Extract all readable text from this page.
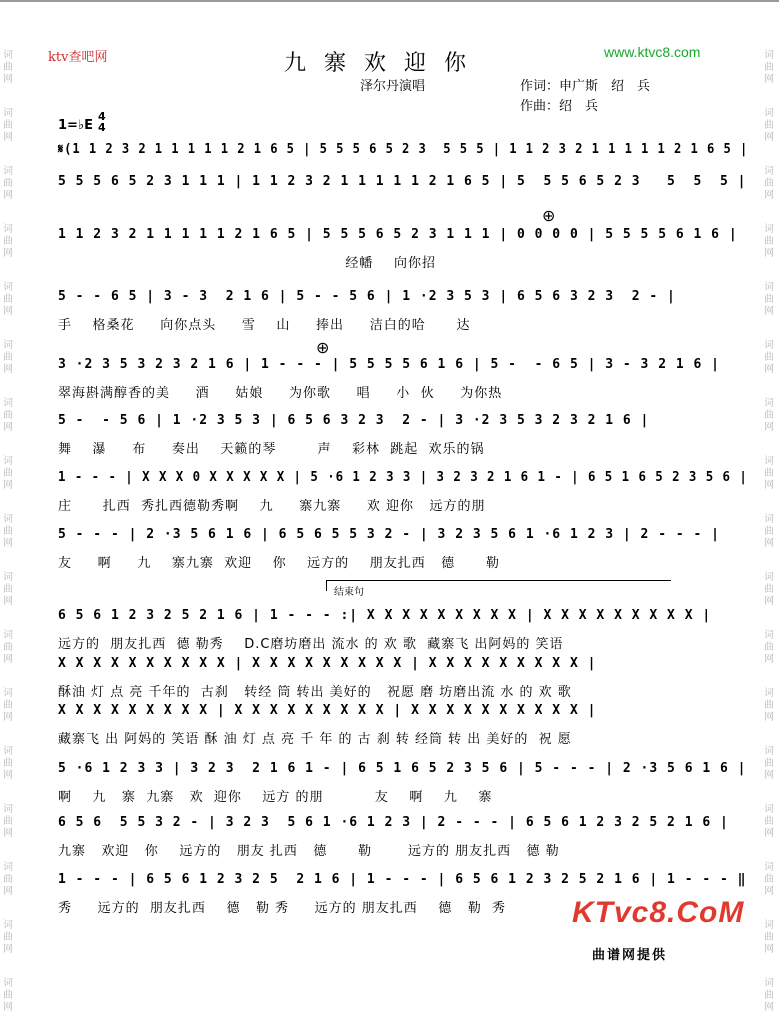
词
曲
网
词
曲
网
词
曲
网
词
曲
网
词
曲
网
词
曲
网
词
曲
网
词
曲
网
词
曲
网
词
曲
网
词
曲
网
词
曲
网
词
曲
网
词
曲
网
词
曲
网
词
曲
网
词
曲
网
词
曲
网
词
曲
网
词
曲
网
词
曲
网
词
曲
网
词
曲
网
词
曲
网
词
曲
网
词
曲
网
词
曲
网
词
曲
网
词
曲
网
词
曲
网
词
曲
网
词
曲
网
词
曲
网
词
曲
网
ktv查吧网	www.ktvc8.com
九寨欢迎你
泽尔丹演唱	作词：申广斯　绍　兵
作曲：绍　兵
1=♭E
4
4
𝄋(1 1 2 3 2 1 1 1 1 1 2 1 6 5 | 5 5 5 6 5 2 3  5 5 5 | 1 1 2 3 2 1 1 1 1 1 2 1 6 5 |
5 5 5 6 5 2 3 1 1 1 | 1 1 2 3 2 1 1 1 1 1 2 1 6 5 | 5  5 5 6 5 2 3   5  5  5 |
1 1 2 3 2 1 1 1 1 1 2 1 6 5 | 5 5 5 6 5 2 3 1 1 1 | 0 0 0 0 | 5 5 5 5 6 1 6 |
经幡    向你招
5 - - 6 5 | 3 - 3  2 1 6 | 5 - - 5 6 | 1 ·2 3 5 3 | 6 5 6 3 2 3  2 - |
手    格桑花     向你点头     雪    山     捧出     洁白的哈      达
3 ·2 3 5 3 2 3 2 1 6 | 1 - - - | 5 5 5 5 6 1 6 | 5 -  - 6 5 | 3 - 3 2 1 6 |
翠海斟满醇香的美     酒     姑娘     为你歌     唱     小  伙     为你热
5 -  - 5 6 | 1 ·2 3 5 3 | 6 5 6 3 2 3  2 - | 3 ·2 3 5 3 2 3 2 1 6 |
舞    瀑     布     奏出    天籁的琴        声    彩林  跳起  欢乐的锅
1 - - - | X X X 0 X X X X X | 5 ·6 1 2 3 3 | 3 2 3 2 1 6 1 - | 6 5 1 6 5 2 3 5 6 |
庄      扎西  秀扎西德勒秀啊    九     寨九寨     欢 迎你   远方的朋
5 - - - | 2 ·3 5 6 1 6 | 6 5 6 5 5 3 2 - | 3 2 3 5 6 1 ·6 1 2 3 | 2 - - - |
友     啊     九    寨九寨  欢迎    你    远方的    朋友扎西   德      勒
6 5 6 1 2 3 2 5 2 1 6 | 1 - - - :| X X X X X X X X X | X X X X X X X X X |
远方的  朋友扎西  德 勒秀    D.C磨坊磨出 流水 的 欢 歌  藏寨飞 出阿妈的 笑语
X X X X X X X X X X | X X X X X X X X X | X X X X X X X X X |
酥油 灯 点 亮 千年的  古刹   转经 筒 转出 美好的   祝愿 磨 坊磨出流 水 的 欢 歌
X X X X X X X X X | X X X X X X X X X | X X X X X X X X X X |
藏寨飞 出 阿妈的 笑语 酥 油 灯 点 亮 千 年 的 古 刹 转 经筒 转 出 美好的  祝 愿
5 ·6 1 2 3 3 | 3 2 3  2 1 6 1 - | 6 5 1 6 5 2 3 5 6 | 5 - - - | 2 ·3 5 6 1 6 |
啊    九   寨  九寨   欢  迎你    远方 的朋          友    啊    九    寨
6 5 6  5 5 3 2 - | 3 2 3  5 6 1 ·6 1 2 3 | 2 - - - | 6 5 6 1 2 3 2 5 2 1 6 |
九寨   欢迎   你    远方的   朋友 扎西   德      勒       远方的 朋友扎西   德 勒
1 - - - | 6 5 6 1 2 3 2 5  2 1 6 | 1 - - - | 6 5 6 1 2 3 2 5 2 1 6 | 1 - - - ‖
秀     远方的  朋友扎西    德   勒 秀     远方的 朋友扎西    德   勒  秀
⊕
⊕
结束句
KTvc8.CoM
曲谱网提供
